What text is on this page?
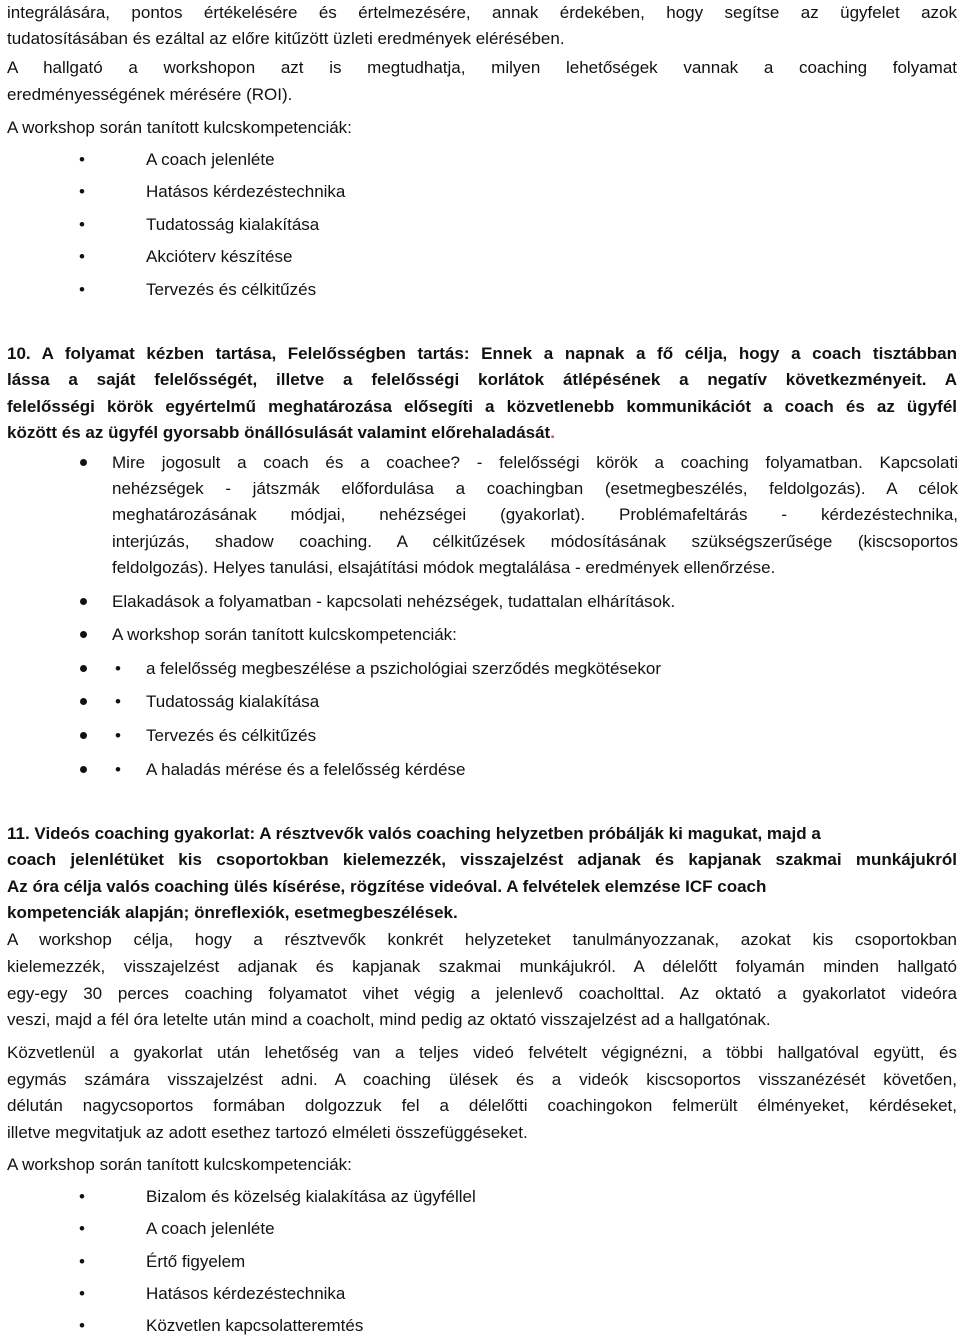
integrálására, pontos értékelésére és értelmezésére, annak érdekében, hogy segítse az ügyfelet azok
tudatosításában és ezáltal az előre kitűzött üzleti eredmények elérésében.
A hallgató a workshopon azt is megtudhatja, milyen lehetőségek vannak a coaching folyamat
eredményességének mérésére (ROI).
A workshop során tanított kulcskompetenciák:
•
A coach jelenléte
•
Hatásos kérdezéstechnika
•
Tudatosság kialakítása
•
Akcióterv készítése
•
Tervezés és célkitűzés
10. A folyamat kézben tartása, Felelősségben tartás: Ennek a napnak a fő célja, hogy a coach tisztábban
lássa a saját felelősségét, illetve a felelősségi korlátok átlépésének a negatív következményeit. A
felelősségi körök egyértelmű meghatározása elősegíti a közvetlenebb kommunikációt a coach és az ügyfél
között és az ügyfél gyorsabb önállósulását valamint előrehaladását.
Mire jogosult a coach és a coachee? - felelősségi körök a coaching folyamatban. Kapcsolati
nehézségek - játszmák előfordulása a coachingban (esetmegbeszélés, feldolgozás). A célok
meghatározásának módjai, nehézségei (gyakorlat). Problémafeltárás - kérdezéstechnika,
interjúzás, shadow coaching. A célkitűzések módosításának szükségszerűsége (kiscsoportos
feldolgozás). Helyes tanulási, elsajátítási módok megtalálása - eredmények ellenőrzése.
Elakadások a folyamatban - kapcsolati nehézségek, tudattalan elhárítások.
A workshop során tanított kulcskompetenciák:
•
a felelősség megbeszélése a pszichológiai szerződés megkötésekor
•
Tudatosság kialakítása
•
Tervezés és célkitűzés
•
A haladás mérése és a felelősség kérdése
11. Videós coaching gyakorlat: A résztvevők valós coaching helyzetben próbálják ki magukat, majd a
coach jelenlétüket kis csoportokban kielemezzék, visszajelzést adjanak és kapjanak szakmai munkájukról
Az óra célja valós coaching ülés kísérése, rögzítése videóval. A felvételek elemzése ICF coach
kompetenciák alapján; önreflexiók, esetmegbeszélések.
A workshop célja, hogy a résztvevők konkrét helyzeteket tanulmányozzanak, azokat kis csoportokban
kielemezzék, visszajelzést adjanak és kapjanak szakmai munkájukról. A délelőtt folyamán minden hallgató
egy-egy 30 perces coaching folyamatot vihet végig a jelenlevő coacholttal. Az oktató a gyakorlatot videóra
veszi, majd a fél óra letelte után mind a coacholt, mind pedig az oktató visszajelzést ad a hallgatónak.
Közvetlenül a gyakorlat után lehetőség van a teljes videó felvételt végignézni, a többi hallgatóval együtt, és
egymás számára visszajelzést adni. A coaching ülések és a videók kiscsoportos visszanézését követően,
délután nagycsoportos formában dolgozzuk fel a délelőtti coachingokon felmerült élményeket, kérdéseket,
illetve megvitatjuk az adott esethez tartozó elméleti összefüggéseket.
A workshop során tanított kulcskompetenciák:
•
Bizalom és közelség kialakítása az ügyféllel
•
A coach jelenléte
•
Értő figyelem
•
Hatásos kérdezéstechnika
•
Közvetlen kapcsolatteremtés
